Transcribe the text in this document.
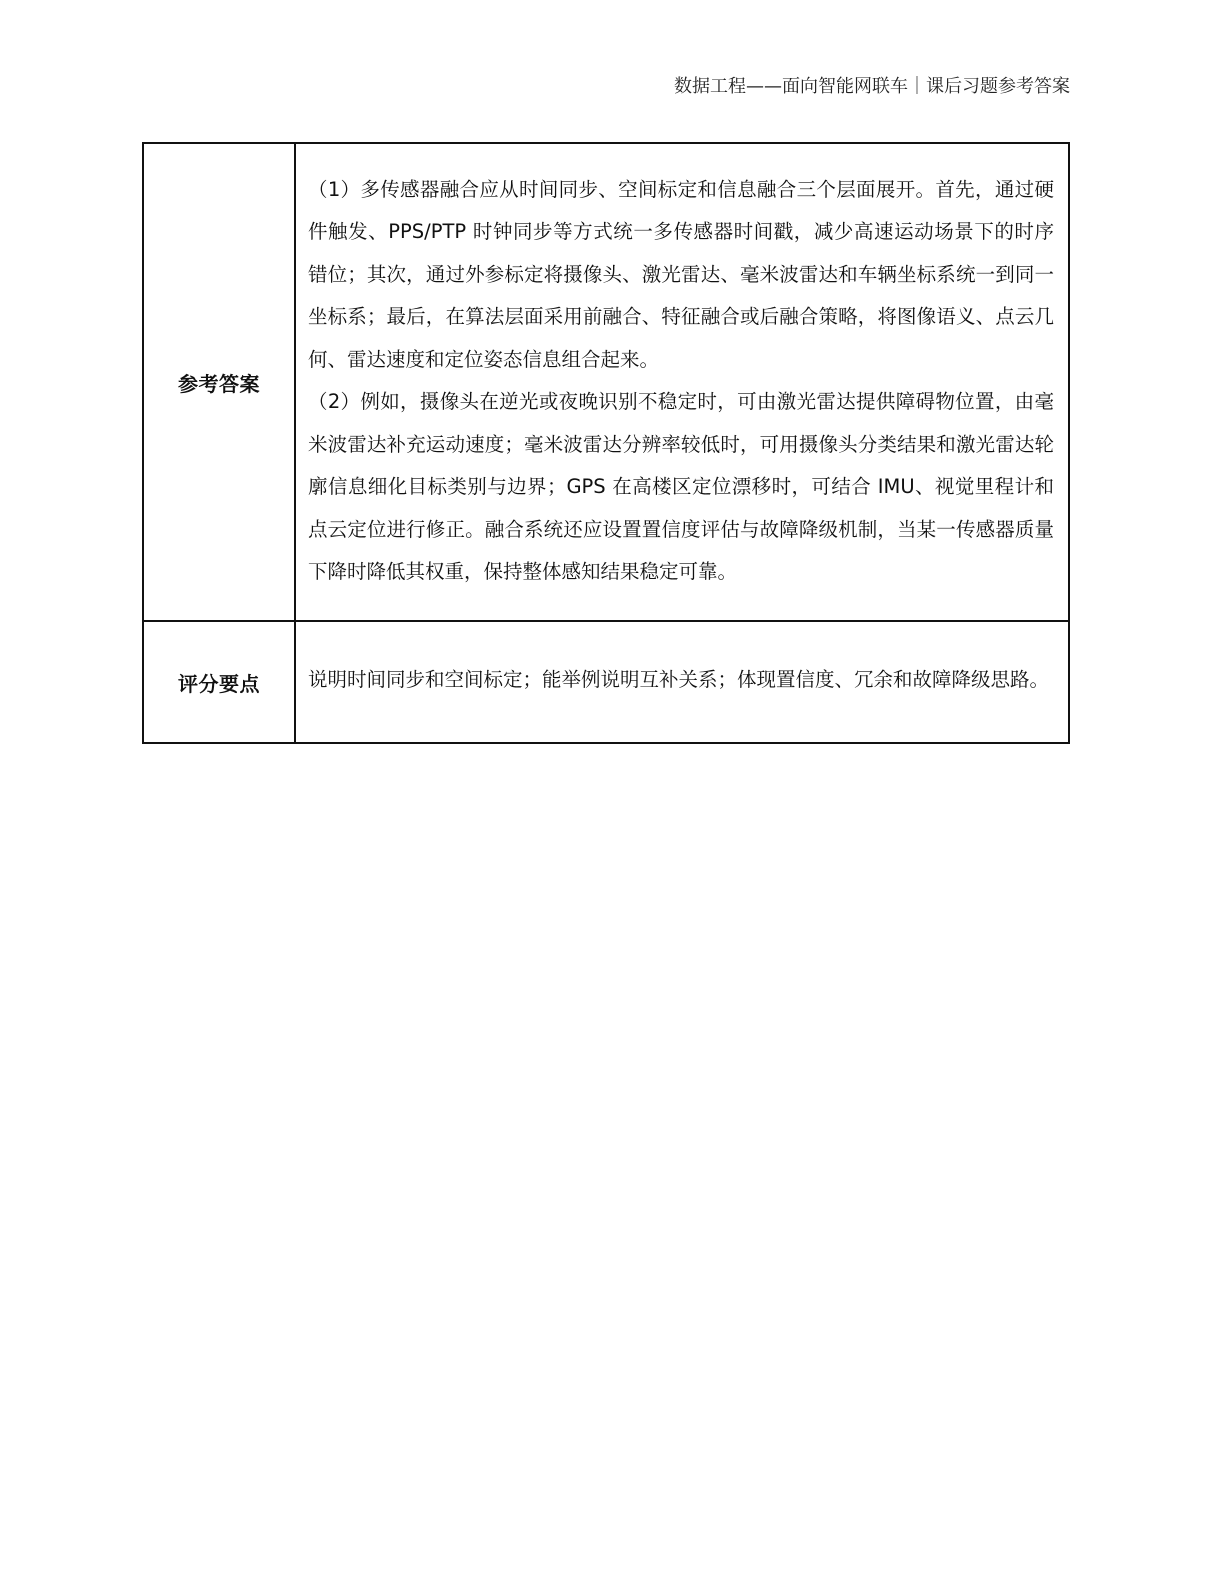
数据工程——面向智能网联车｜课后习题参考答案
参考答案	（1）多传感器融合应从时间同步、空间标定和信息融合三个层面展开。首先，通过硬件触发、PPS/PTP 时钟同步等方式统一多传感器时间戳，减少高速运动场景下的时序错位；其次，通过外参标定将摄像头、激光雷达、毫米波雷达和车辆坐标系统一到同一坐标系；最后，在算法层面采用前融合、特征融合或后融合策略，将图像语义、点云几何、雷达速度和定位姿态信息组合起来。

（2）例如，摄像头在逆光或夜晚识别不稳定时，可由激光雷达提供障碍物位置，由毫米波雷达补充运动速度；毫米波雷达分辨率较低时，可用摄像头分类结果和激光雷达轮廓信息细化目标类别与边界；GPS 在高楼区定位漂移时，可结合 IMU、视觉里程计和点云定位进行修正。融合系统还应设置置信度评估与故障降级机制，当某一传感器质量下降时降低其权重，保持整体感知结果稳定可靠。

评分要点	说明时间同步和空间标定；能举例说明互补关系；体现置信度、冗余和故障降级思路。
